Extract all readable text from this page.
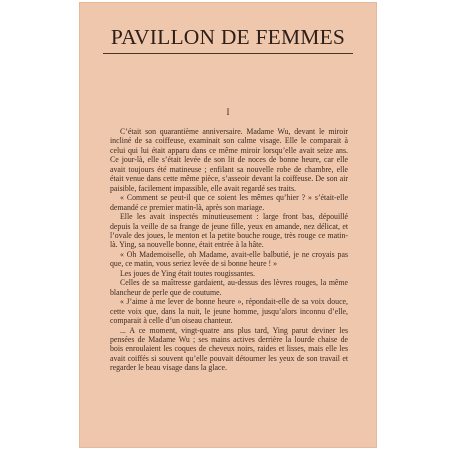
PAVILLON DE FEMMES
I

C’était son quarantième anniversaire. Madame Wu, devant le miroir incliné de sa coiffeuse, examinait son calme visage. Elle le comparait à celui qui lui était apparu dans ce même miroir lorsqu’elle avait seize ans. Ce jour-là, elle s’était levée de son lit de noces de bonne heure, car elle avait toujours été matineuse ; enfilant sa nouvelle robe de chambre, elle était venue dans cette même pièce, s’asseoir devant la coiffeuse. De son air paisible, facilement impassible, elle avait regardé ses traits.

« Comment se peut-il que ce soient les mêmes qu’hier ? » s’était-elle demandé ce premier matin-là, après son mariage.

Elle les avait inspectés minutieusement : large front bas, dépouillé depuis la veille de sa frange de jeune fille, yeux en amande, nez délicat, et l’ovale des joues, le menton et la petite bouche rouge, très rouge ce matin-là. Ying, sa nouvelle bonne, était entrée à la hâte.

« Oh Mademoiselle, oh Madame, avait-elle balbutié, je ne croyais pas que, ce matin, vous seriez levée de si bonne heure ! »

Les joues de Ying était toutes rougissantes.

Celles de sa maîtresse gardaient, au-dessus des lèvres rouges, la même blancheur de perle que de coutume.

« J’aime à me lever de bonne heure », répondait-elle de sa voix douce, cette voix que, dans la nuit, le jeune homme, jusqu’alors inconnu d’elle, comparait à celle d’un oiseau chanteur.

... A ce moment, vingt-quatre ans plus tard, Ying parut deviner les pensées de Madame Wu ; ses mains actives derrière la lourde chaise de bois enroulaient les coques de cheveux noirs, raides et lisses, mais elle les avait coiffés si souvent qu’elle pouvait détourner les yeux de son travail et regarder le beau visage dans la glace.
